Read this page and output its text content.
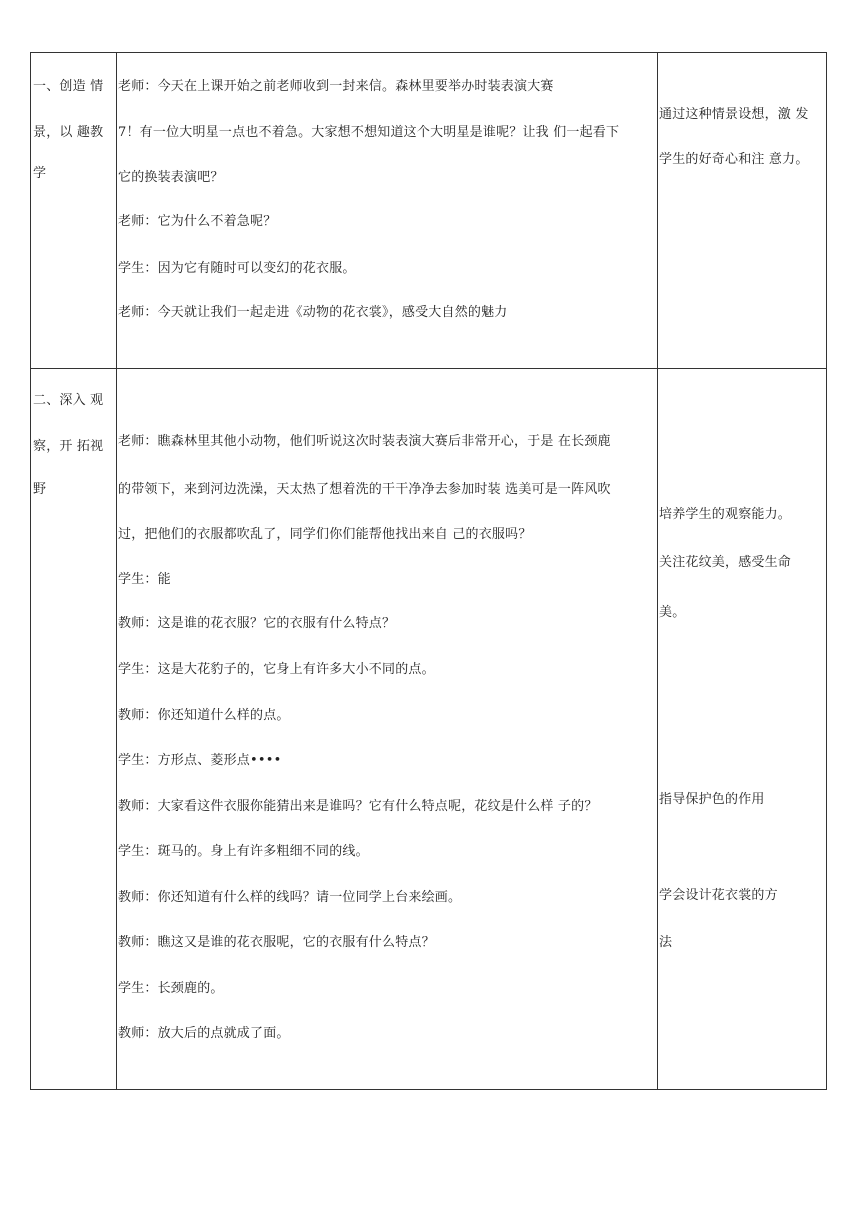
一、创造 情
景，以 趣教
学
老师：今天在上课开始之前老师收到一封来信。森林里要举办时装表演大赛
7！有一位大明星一点也不着急。大家想不想知道这个大明星是谁呢？让我 们一起看下
它的换装表演吧？
老师：它为什么不着急呢？
学生：因为它有随时可以变幻的花衣服。
老师：今天就让我们一起走进《动物的花衣裳》，感受大自然的魅力
通过这种情景设想，激 发
学生的好奇心和注 意力。
二、深入 观
察，开 拓视
野
老师：瞧森林里其他小动物，他们听说这次时装表演大赛后非常开心，于是 在长颈鹿
的带领下，来到河边洗澡，天太热了想着洗的干干净净去参加时装 选美可是一阵风吹
过，把他们的衣服都吹乱了，同学们你们能帮他找出来自 己的衣服吗？
学生：能
教师：这是谁的花衣服？它的衣服有什么特点？
学生：这是大花豹子的，它身上有许多大小不同的点。
教师：你还知道什么样的点。
学生：方形点、菱形点••••
教师：大家看这件衣服你能猜出来是谁吗？它有什么特点呢，花纹是什么样 子的？
学生：斑马的。身上有许多粗细不同的线。
教师：你还知道有什么样的线吗？请一位同学上台来绘画。
教师：瞧这又是谁的花衣服呢，它的衣服有什么特点？
学生：长颈鹿的。
教师：放大后的点就成了面。
培养学生的观察能力。
关注花纹美，感受生命
美。
指导保护色的作用
学会设计花衣裳的方
法
